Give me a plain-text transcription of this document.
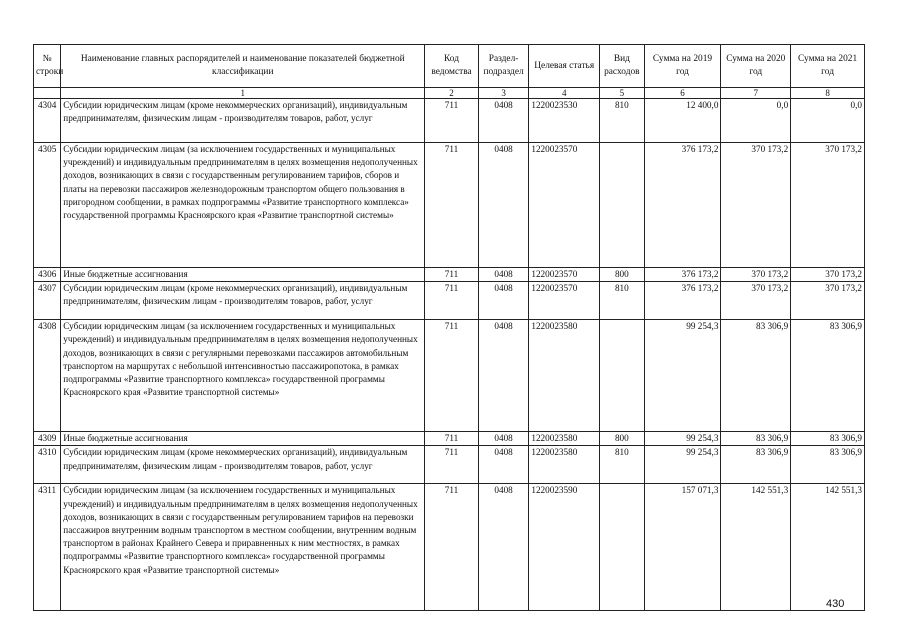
№ строки	Наименование главных распорядителей и наименование показателей бюджетной классификации	Код ведомства	Раздел-подраздел	Целевая статья	Вид расходов	Сумма на 2019 год	Сумма на 2020 год	Сумма на 2021 год
	1	2	3	4	5	6	7	8
4304	Субсидии юридическим лицам (кроме некоммерческих организаций), индивидуальным предпринимателям, физическим лицам - производителям товаров, работ, услуг	711	0408	1220023530	810	12 400,0	0,0	0,0
4305	Субсидии юридическим лицам (за исключением государственных и муниципальных учреждений) и индивидуальным предпринимателям в целях возмещения недополученных доходов, возникающих в связи с государственным регулированием тарифов, сборов и платы на перевозки пассажиров железнодорожным транспортом общего пользования в пригородном сообщении, в рамках подпрограммы «Развитие транспортного комплекса» государственной программы Красноярского края «Развитие транспортной системы»	711	0408	1220023570		376 173,2	370 173,2	370 173,2
4306	Иные бюджетные ассигнования	711	0408	1220023570	800	376 173,2	370 173,2	370 173,2
4307	Субсидии юридическим лицам (кроме некоммерческих организаций), индивидуальным предпринимателям, физическим лицам - производителям товаров, работ, услуг	711	0408	1220023570	810	376 173,2	370 173,2	370 173,2
4308	Субсидии юридическим лицам (за исключением государственных и муниципальных учреждений) и индивидуальным предпринимателям в целях возмещения недополученных доходов, возникающих в связи с регулярными перевозками пассажиров автомобильным транспортом на маршрутах с небольшой интенсивностью пассажиропотока, в рамках подпрограммы «Развитие транспортного комплекса» государственной программы Красноярского края «Развитие транспортной системы»	711	0408	1220023580		99 254,3	83 306,9	83 306,9
4309	Иные бюджетные ассигнования	711	0408	1220023580	800	99 254,3	83 306,9	83 306,9
4310	Субсидии юридическим лицам (кроме некоммерческих организаций), индивидуальным предпринимателям, физическим лицам - производителям товаров, работ, услуг	711	0408	1220023580	810	99 254,3	83 306,9	83 306,9
4311	Субсидии юридическим лицам (за исключением государственных и муниципальных учреждений) и индивидуальным предпринимателям в целях возмещения недополученных доходов, возникающих в связи с государственным регулированием тарифов на перевозки пассажиров внутренним водным транспортом в местном сообщении, внутренним водным транспортом в районах Крайнего Севера и приравненных к ним местностях, в рамках подпрограммы «Развитие транспортного комплекса» государственной программы Красноярского края «Развитие транспортной системы»	711	0408	1220023590		157 071,3	142 551,3	142 551,3
430
